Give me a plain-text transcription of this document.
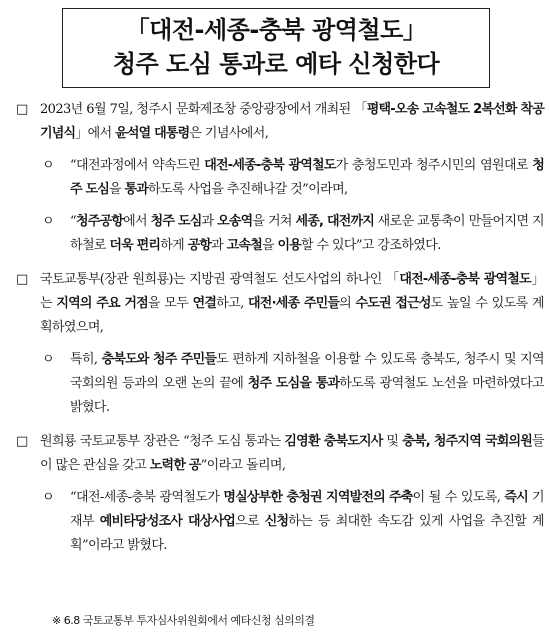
「대전-세종-충북 광역철도」
청주 도심 통과로 예타 신청한다
□ 2023년 6월 7일, 청주시 문화제조창 중앙광장에서 개최된 「평택-오송 고속철도 2복선화 착공 기념식」에서 윤석열 대통령은 기념사에서,
ㅇ “대전과정에서 약속드린 대전-세종-충북 광역철도가 충청도민과 청주시민의 염원대로 청주 도심을 통과하도록 사업을 추진해나갈 것”이라며,
ㅇ “청주공항에서 청주 도심과 오송역을 거쳐 세종, 대전까지 새로운 교통축이 만들어지면 지하철로 더욱 편리하게 공항과 고속철을 이용할 수 있다”고 강조하였다.
□ 국토교통부(장관 원희룡)는 지방권 광역철도 선도사업의 하나인 「대전-세종-충북 광역철도」는 지역의 주요 거점을 모두 연결하고, 대전·세종 주민들의 수도권 접근성도 높일 수 있도록 계획하였으며,
ㅇ 특히, 충북도와 청주 주민들도 편하게 지하철을 이용할 수 있도록 충북도, 청주시 및 지역 국회의원 등과의 오랜 논의 끝에 청주 도심을 통과하도록 광역철도 노선을 마련하였다고 밝혔다.
□ 원희룡 국토교통부 장관은 “청주 도심 통과는 김영환 충북도지사 및 충북, 청주지역 국회의원들이 많은 관심을 갖고 노력한 공”이라고 돌리며,
ㅇ “대전-세종-충북 광역철도가 명실상부한 충청권 지역발전의 주축이 될 수 있도록, 즉시 기재부 예비타당성조사 대상사업으로 신청하는 등 최대한 속도감 있게 사업을 추진할 계획”이라고 밝혔다.
※ 6.8 국토교통부 투자심사위원회에서 예타신청 심의의결
